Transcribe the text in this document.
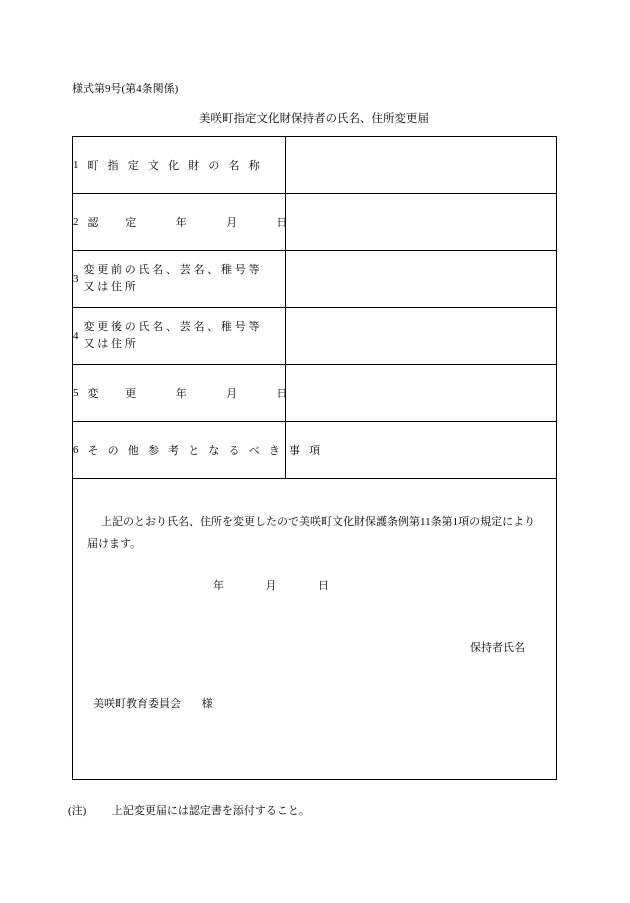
様式第9号(第4条関係)
美咲町指定文化財保持者の氏名、住所変更届
1 町 指 定 文 化 財 の 名 称	

2 認　　定　　　年　　　月　　　日	

3
変 更 前 の 氏 名 、 芸 名 、 稚 号 等
又 は 住 所	

4
変 更 後 の 氏 名 、 芸 名 、 稚 号 等
又 は 住 所	

5 変　　更　　　年　　　月　　　日	

6 そ の 他 参 考 と な る べ き 事 項	

上記のとおり氏名、住所を変更したので美咲町文化財保護条例第11条第1項の規定により届けます。
年 月 日
保持者氏名
美咲町教育委員会 様	
(注) 上記変更届には認定書を添付すること。
